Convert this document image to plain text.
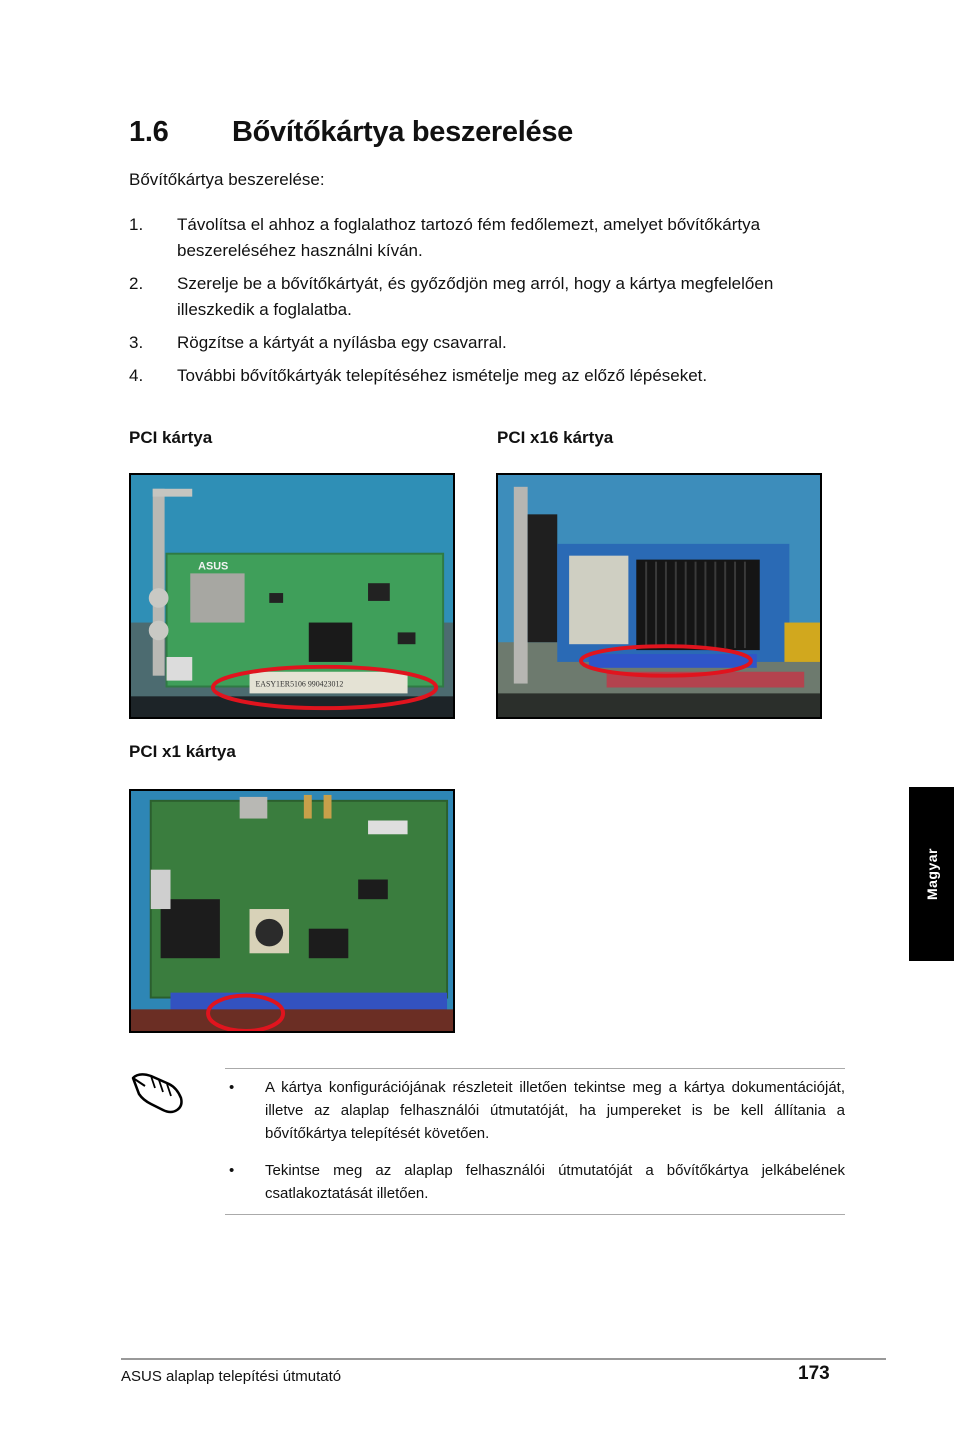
1.6 Bővítőkártya beszerelése
Bővítőkártya beszerelése:
1. Távolítsa el ahhoz a foglalathoz tartozó fém fedőlemezt, amelyet bővítőkártya beszereléséhez használni kíván.
2. Szerelje be a bővítőkártyát, és győződjön meg arról, hogy a kártya megfelelően illeszkedik a foglalatba.
3. Rögzítse a kártyát a nyílásba egy csavarral.
4. További bővítőkártyák telepítéséhez ismételje meg az előző lépéseket.
PCI kártya	PCI x16 kártya
PCI x1 kártya
ASUS
EASY1ER5106 990423012
Magyar
• A kártya konfigurációjának részleteit illetően tekintse meg a kártya dokumentációját, illetve az alaplap felhasználói útmutatóját, ha jumpereket is be kell állítania a bővítőkártya telepítését követően.
• Tekintse meg az alaplap felhasználói útmutatóját a bővítőkártya jelkábelének csatlakoztatását illetően.
ASUS alaplap telepítési útmutató	173
